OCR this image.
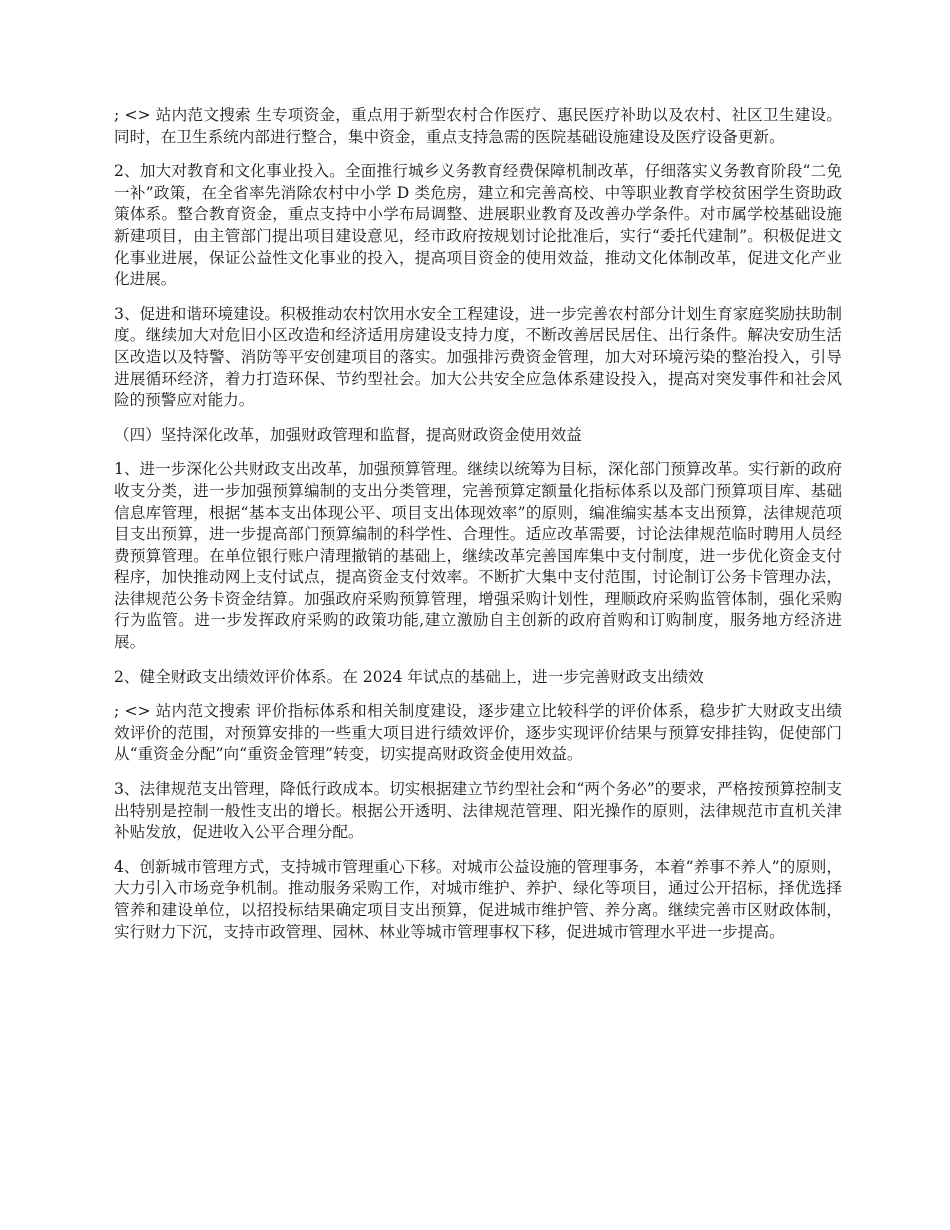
; <> 站内范文搜索 生专项资金，重点用于新型农村合作医疗、惠民医疗补助以及农村、社区卫生建设。同时，在卫生系统内部进行整合，集中资金，重点支持急需的医院基础设施建设及医疗设备更新。

2、加大对教育和文化事业投入。全面推行城乡义务教育经费保障机制改革，仔细落实义务教育阶段“二免一补”政策，在全省率先消除农村中小学 D 类危房，建立和完善高校、中等职业教育学校贫困学生资助政策体系。整合教育资金，重点支持中小学布局调整、进展职业教育及改善办学条件。对市属学校基础设施新建项目，由主管部门提出项目建设意见，经市政府按规划讨论批准后，实行“委托代建制”。积极促进文化事业进展，保证公益性文化事业的投入，提高项目资金的使用效益，推动文化体制改革，促进文化产业化进展。

3、促进和谐环境建设。积极推动农村饮用水安全工程建设，进一步完善农村部分计划生育家庭奖励扶助制度。继续加大对危旧小区改造和经济适用房建设支持力度，不断改善居民居住、出行条件。解决安劢生活区改造以及特警、消防等平安创建项目的落实。加强排污费资金管理，加大对环境污染的整治投入，引导进展循环经济，着力打造环保、节约型社会。加大公共安全应急体系建设投入，提高对突发事件和社会风险的预警应对能力。

（四）坚持深化改革，加强财政管理和监督，提高财政资金使用效益

1、进一步深化公共财政支出改革，加强预算管理。继续以统筹为目标，深化部门预算改革。实行新的政府收支分类，进一步加强预算编制的支出分类管理，完善预算定额量化指标体系以及部门预算项目库、基础信息库管理，根据“基本支出体现公平、项目支出体现效率”的原则，编准编实基本支出预算，法律规范项目支出预算，进一步提高部门预算编制的科学性、合理性。适应改革需要，讨论法律规范临时聘用人员经费预算管理。在单位银行账户清理撤销的基础上，继续改革完善国库集中支付制度，进一步优化资金支付程序，加快推动网上支付试点，提高资金支付效率。不断扩大集中支付范围，讨论制订公务卡管理办法，法律规范公务卡资金结算。加强政府采购预算管理，增强采购计划性，理顺政府采购监管体制，强化采购行为监管。进一步发挥政府采购的政策功能,建立激励自主创新的政府首购和订购制度，服务地方经济进展。

2、健全财政支出绩效评价体系。在 2024 年试点的基础上，进一步完善财政支出绩效

; <> 站内范文搜索 评价指标体系和相关制度建设，逐步建立比较科学的评价体系，稳步扩大财政支出绩效评价的范围，对预算安排的一些重大项目进行绩效评价，逐步实现评价结果与预算安排挂钩，促使部门从“重资金分配”向“重资金管理”转变，切实提高财政资金使用效益。

3、法律规范支出管理，降低行政成本。切实根据建立节约型社会和“两个务必”的要求，严格按预算控制支出特别是控制一般性支出的增长。根据公开透明、法律规范管理、阳光操作的原则，法律规范市直机关津补贴发放，促进收入公平合理分配。

4、创新城市管理方式，支持城市管理重心下移。对城市公益设施的管理事务，本着“养事不养人”的原则，大力引入市场竞争机制。推动服务采购工作，对城市维护、养护、绿化等项目，通过公开招标，择优选择管养和建设单位，以招投标结果确定项目支出预算，促进城市维护管、养分离。继续完善市区财政体制，实行财力下沉，支持市政管理、园林、林业等城市管理事权下移，促进城市管理水平进一步提高。
